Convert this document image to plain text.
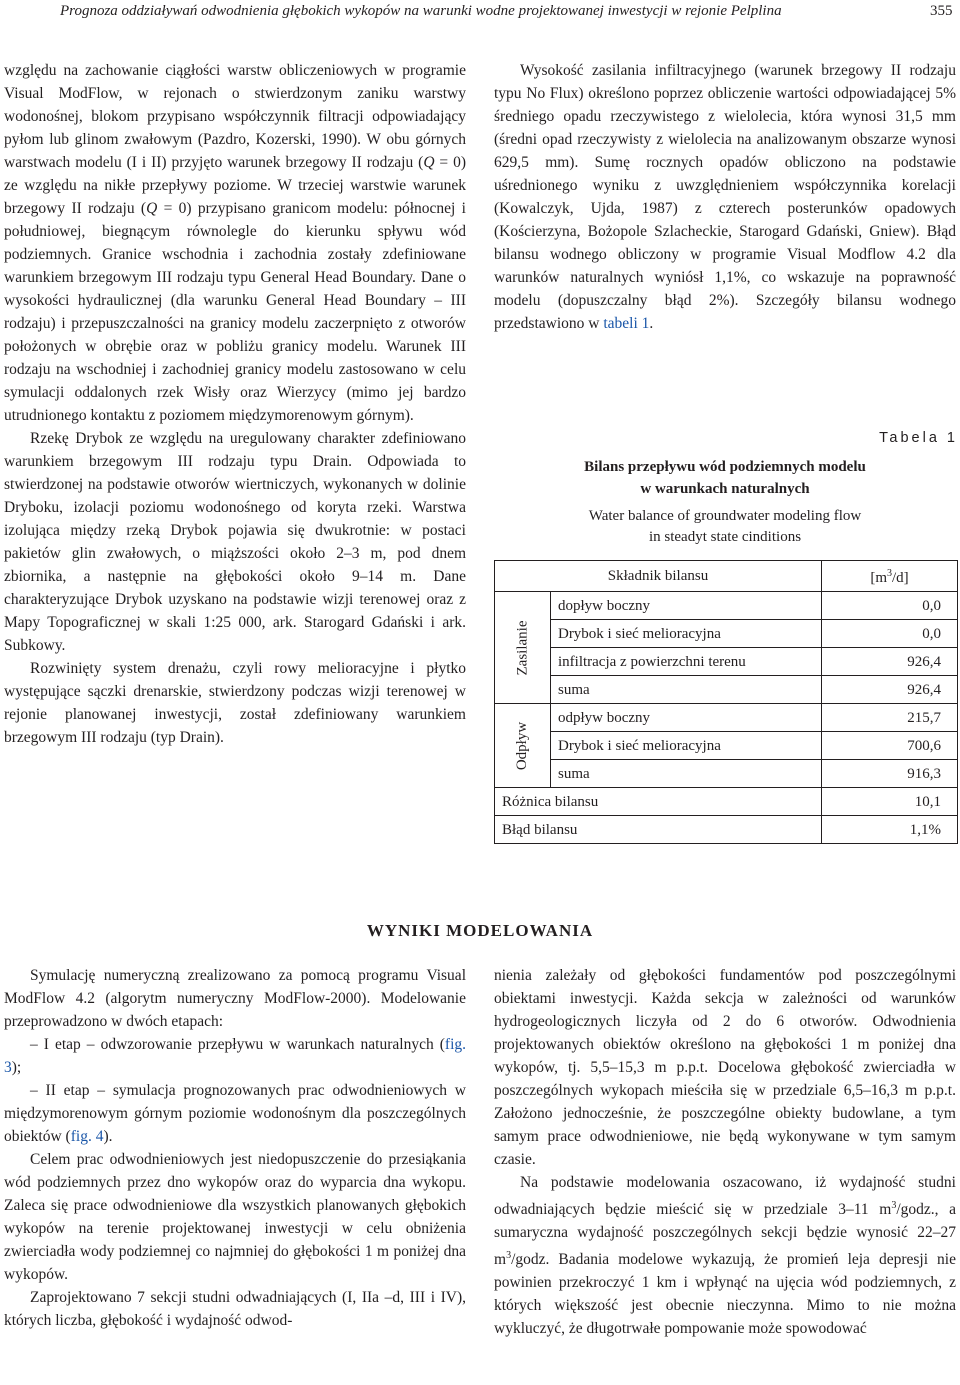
Prognoza oddziaływań odwodnienia głębokich wykopów na warunki wodne projektowanej inwestycji w rejonie Pelplina	355

względu na zachowanie ciągłości warstw obliczeniowych w programie Visual ModFlow, w rejonach o stwierdzonym zaniku warstwy wodonośnej, blokom przypisano współczynnik filtracji odpowiadający pyłom lub glinom zwałowym (Pazdro, Kozerski, 1990). W obu górnych warstwach modelu (I i II) przyjęto warunek brzegowy II rodzaju (Q = 0) ze względu na nikłe przepływy poziome. W trzeciej warstwie warunek brzegowy II rodzaju (Q = 0) przypisano granicom modelu: północnej i południowej, biegnącym równolegle do kierunku spływu wód podziemnych. Granice wschodnia i zachodnia zostały zdefiniowane warunkiem brzegowym III rodzaju typu General Head Boundary. Dane o wysokości hydraulicznej (dla warunku General Head Boundary – III rodzaju) i przepuszczalności na granicy modelu zaczerpnięto z otworów położonych w obrębie oraz w pobliżu granicy modelu. Warunek III rodzaju na wschodniej i zachodniej granicy modelu zastosowano w celu symulacji oddalonych rzek Wisły oraz Wierzycy (mimo jej bardzo utrudnionego kontaktu z poziomem międzymorenowym górnym).

Rzekę Drybok ze względu na uregulowany charakter zdefiniowano warunkiem brzegowym III rodzaju typu Drain. Odpowiada to stwierdzonej na podstawie otworów wiertniczych, wykonanych w dolinie Dryboku, izolacji poziomu wodonośnego od koryta rzeki. Warstwa izolująca między rzeką Drybok pojawia się dwukrotnie: w postaci pakietów glin zwałowych, o miąższości około 2–3 m, pod dnem zbiornika, a następnie na głębokości około 9–14 m. Dane charakteryzujące Drybok uzyskano na podstawie wizji terenowej oraz z Mapy Topograficznej w skali 1:25 000, ark. Starogard Gdański i ark. Subkowy.

Rozwinięty system drenażu, czyli rowy melioracyjne i płytko występujące sączki drenarskie, stwierdzony podczas wizji terenowej w rejonie planowanej inwestycji, został zdefiniowany warunkiem brzegowym III rodzaju (typ Drain).

Wysokość zasilania infiltracyjnego (warunek brzegowy II rodzaju typu No Flux) określono poprzez obliczenie wartości odpowiadającej 5% średniego opadu rzeczywistego z wielolecia, która wynosi 31,5 mm (średni opad rzeczywisty z wielolecia na analizowanym obszarze wynosi 629,5 mm). Sumę rocznych opadów obliczono na podstawie uśrednionego wyniku z uwzględnieniem współczynnika korelacji (Kowalczyk, Ujda, 1987) z czterech posterunków opadowych (Kościerzyna, Bożopole Szlacheckie, Starogard Gdański, Gniew). Błąd bilansu wodnego obliczony w programie Visual Modflow 4.2 dla warunków naturalnych wyniósł 1,1%, co wskazuje na poprawność modelu (dopuszczalny błąd 2%). Szczegóły bilansu wodnego przedstawiono w tabeli 1.

Tabela 1
Bilans przepływu wód podziemnych modelu
w warunkach naturalnych
Water balance of groundwater modeling flow
in steadyt state cinditions
Składnik bilansu		$[m^3/d]$
Zasilanie	dopływ boczny	0,0
	Drybok i sieć melioracyjna	0,0
	infiltracja z powierzchni terenu	926,4
	suma	926,4
Odpływ	odpływ boczny	215,7
	Drybok i sieć melioracyjna	700,6
	suma	916,3
Różnica bilansu		10,1
Błąd bilansu		1,1%
WYNIKI MODELOWANIA

Symulację numeryczną zrealizowano za pomocą programu Visual ModFlow 4.2 (algorytm numeryczny ModFlow-2000). Modelowanie przeprowadzono w dwóch etapach:

– I etap – odwzorowanie przepływu w warunkach naturalnych (fig. 3);

– II etap – symulacja prognozowanych prac odwodnieniowych w międzymorenowym górnym poziomie wodonośnym dla poszczególnych obiektów (fig. 4).

Celem prac odwodnieniowych jest niedopuszczenie do przesiąkania wód podziemnych przez dno wykopów oraz do wyparcia dna wykopu. Zaleca się prace odwodnieniowe dla wszystkich planowanych głębokich wykopów na terenie projektowanej inwestycji w celu obniżenia zwierciadła wody podziemnej co najmniej do głębokości 1 m poniżej dna wykopów.

Zaprojektowano 7 sekcji studni odwadniających (I, IIa –d, III i IV), których liczba, głębokość i wydajność odwod-

nienia zależały od głębokości fundamentów pod poszczególnymi obiektami inwestycji. Każda sekcja w zależności od warunków hydrogeologicznych liczyła od 2 do 6 otworów. Odwodnienia projektowanych obiektów określono na głębokości 1 m poniżej dna wykopów, tj. 5,5–15,3 m p.p.t. Docelowa głębokość zwierciadła w poszczególnych wykopach mieściła się w przedziale 6,5–16,3 m p.p.t. Założono jednocześnie, że poszczególne obiekty budowlane, a tym samym prace odwodnieniowe, nie będą wykonywane w tym samym czasie.

Na podstawie modelowania oszacowano, iż wydajność studni odwadniających będzie mieścić się w przedziale 3–11 $m^3$/godz., a sumaryczna wydajność poszczególnych sekcji będzie wynosić 22–27 $m^3$/godz. Badania modelowe wykazują, że promień leja depresji nie powinien przekroczyć 1 km i wpłynąć na ujęcia wód podziemnych, z których większość jest obecnie nieczynna. Mimo to nie można wykluczyć, że długotrwałe pompowanie może spowodować
